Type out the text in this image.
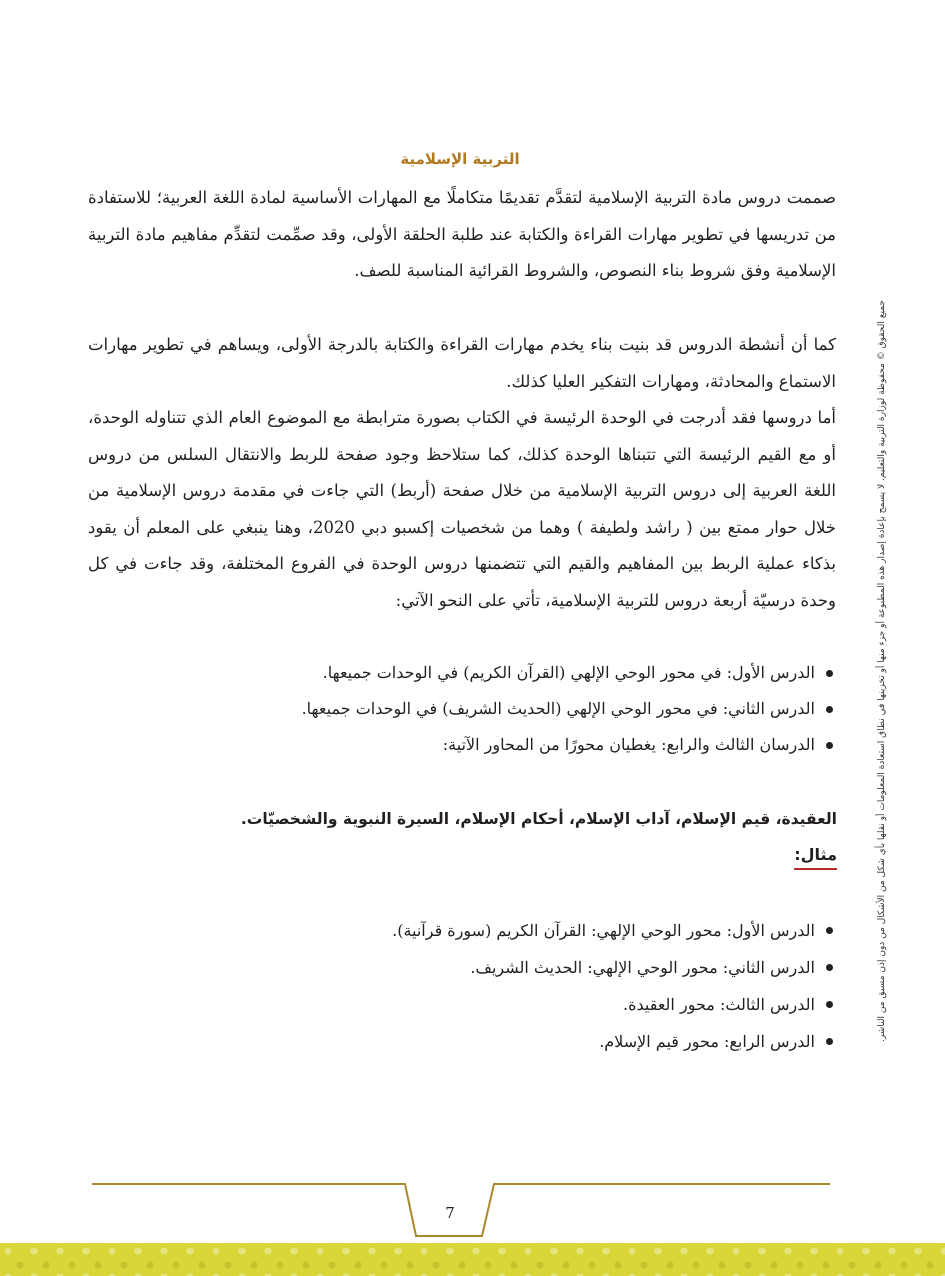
التربية الإسلامية
صممت دروس مادة التربية الإسلامية لتقدَّم تقديمًا متكاملًا مع المهارات الأساسية لمادة اللغة العربية؛ للاستفادة من تدريسها في تطوير مهارات القراءة والكتابة عند طلبة الحلقة الأولى، وقد صمِّمت لتقدِّم مفاهيم مادة التربية الإسلامية وفق شروط بناء النصوص، والشروط القرائية المناسبة للصف.
كما أن أنشطة الدروس قد بنيت بناء يخدم مهارات القراءة والكتابة بالدرجة الأولى، ويساهم في تطوير مهارات الاستماع والمحادثة، ومهارات التفكير العليا كذلك.
أما دروسها فقد أدرجت في الوحدة الرئيسة في الكتاب بصورة مترابطة مع الموضوع العام الذي تتناوله الوحدة، أو مع القيم الرئيسة التي تتبناها الوحدة كذلك، كما ستلاحظ وجود صفحة للربط والانتقال السلس من دروس اللغة العربية إلى دروس التربية الإسلامية من خلال صفحة (أربط) التي جاءت في مقدمة دروس الإسلامية من خلال حوار ممتع بين ( راشد ولطيفة ) وهما من شخصيات إكسبو دبي 2020، وهنا ينبغي على المعلم أن يقود بذكاء عملية الربط بين المفاهيم والقيم التي تتضمنها دروس الوحدة في الفروع المختلفة، وقد جاءت في كل وحدة درسيّة أربعة دروس للتربية الإسلامية، تأتي على النحو الآتي:
الدرس الأول: في محور الوحي الإلهي (القرآن الكريم) في الوحدات جميعها.
الدرس الثاني: في محور الوحي الإلهي (الحديث الشريف) في الوحدات جميعها.
الدرسان الثالث والرابع: يغطيان محورًا من المحاور الآتية:
العقيدة، قيم الإسلام، آداب الإسلام، أحكام الإسلام، السيرة النبوية والشخصيّات.
مثال:
الدرس الأول: محور الوحي الإلهي: القرآن الكريم (سورة قرآنية).
الدرس الثاني: محور الوحي الإلهي: الحديث الشريف.
الدرس الثالث: محور العقيدة.
الدرس الرابع: محور قيم الإسلام.	جميع الحقوق © محفوظة لوزارة التربية والتعليم. لا يسمح بإعادة إصدار هذه المطبوعة أو جزء منها أو تخزينها في نطاق استعادة المعلومات أو نقلها بأي شكل من الأشكال من دون إذن مسبق من الناشر.
7
